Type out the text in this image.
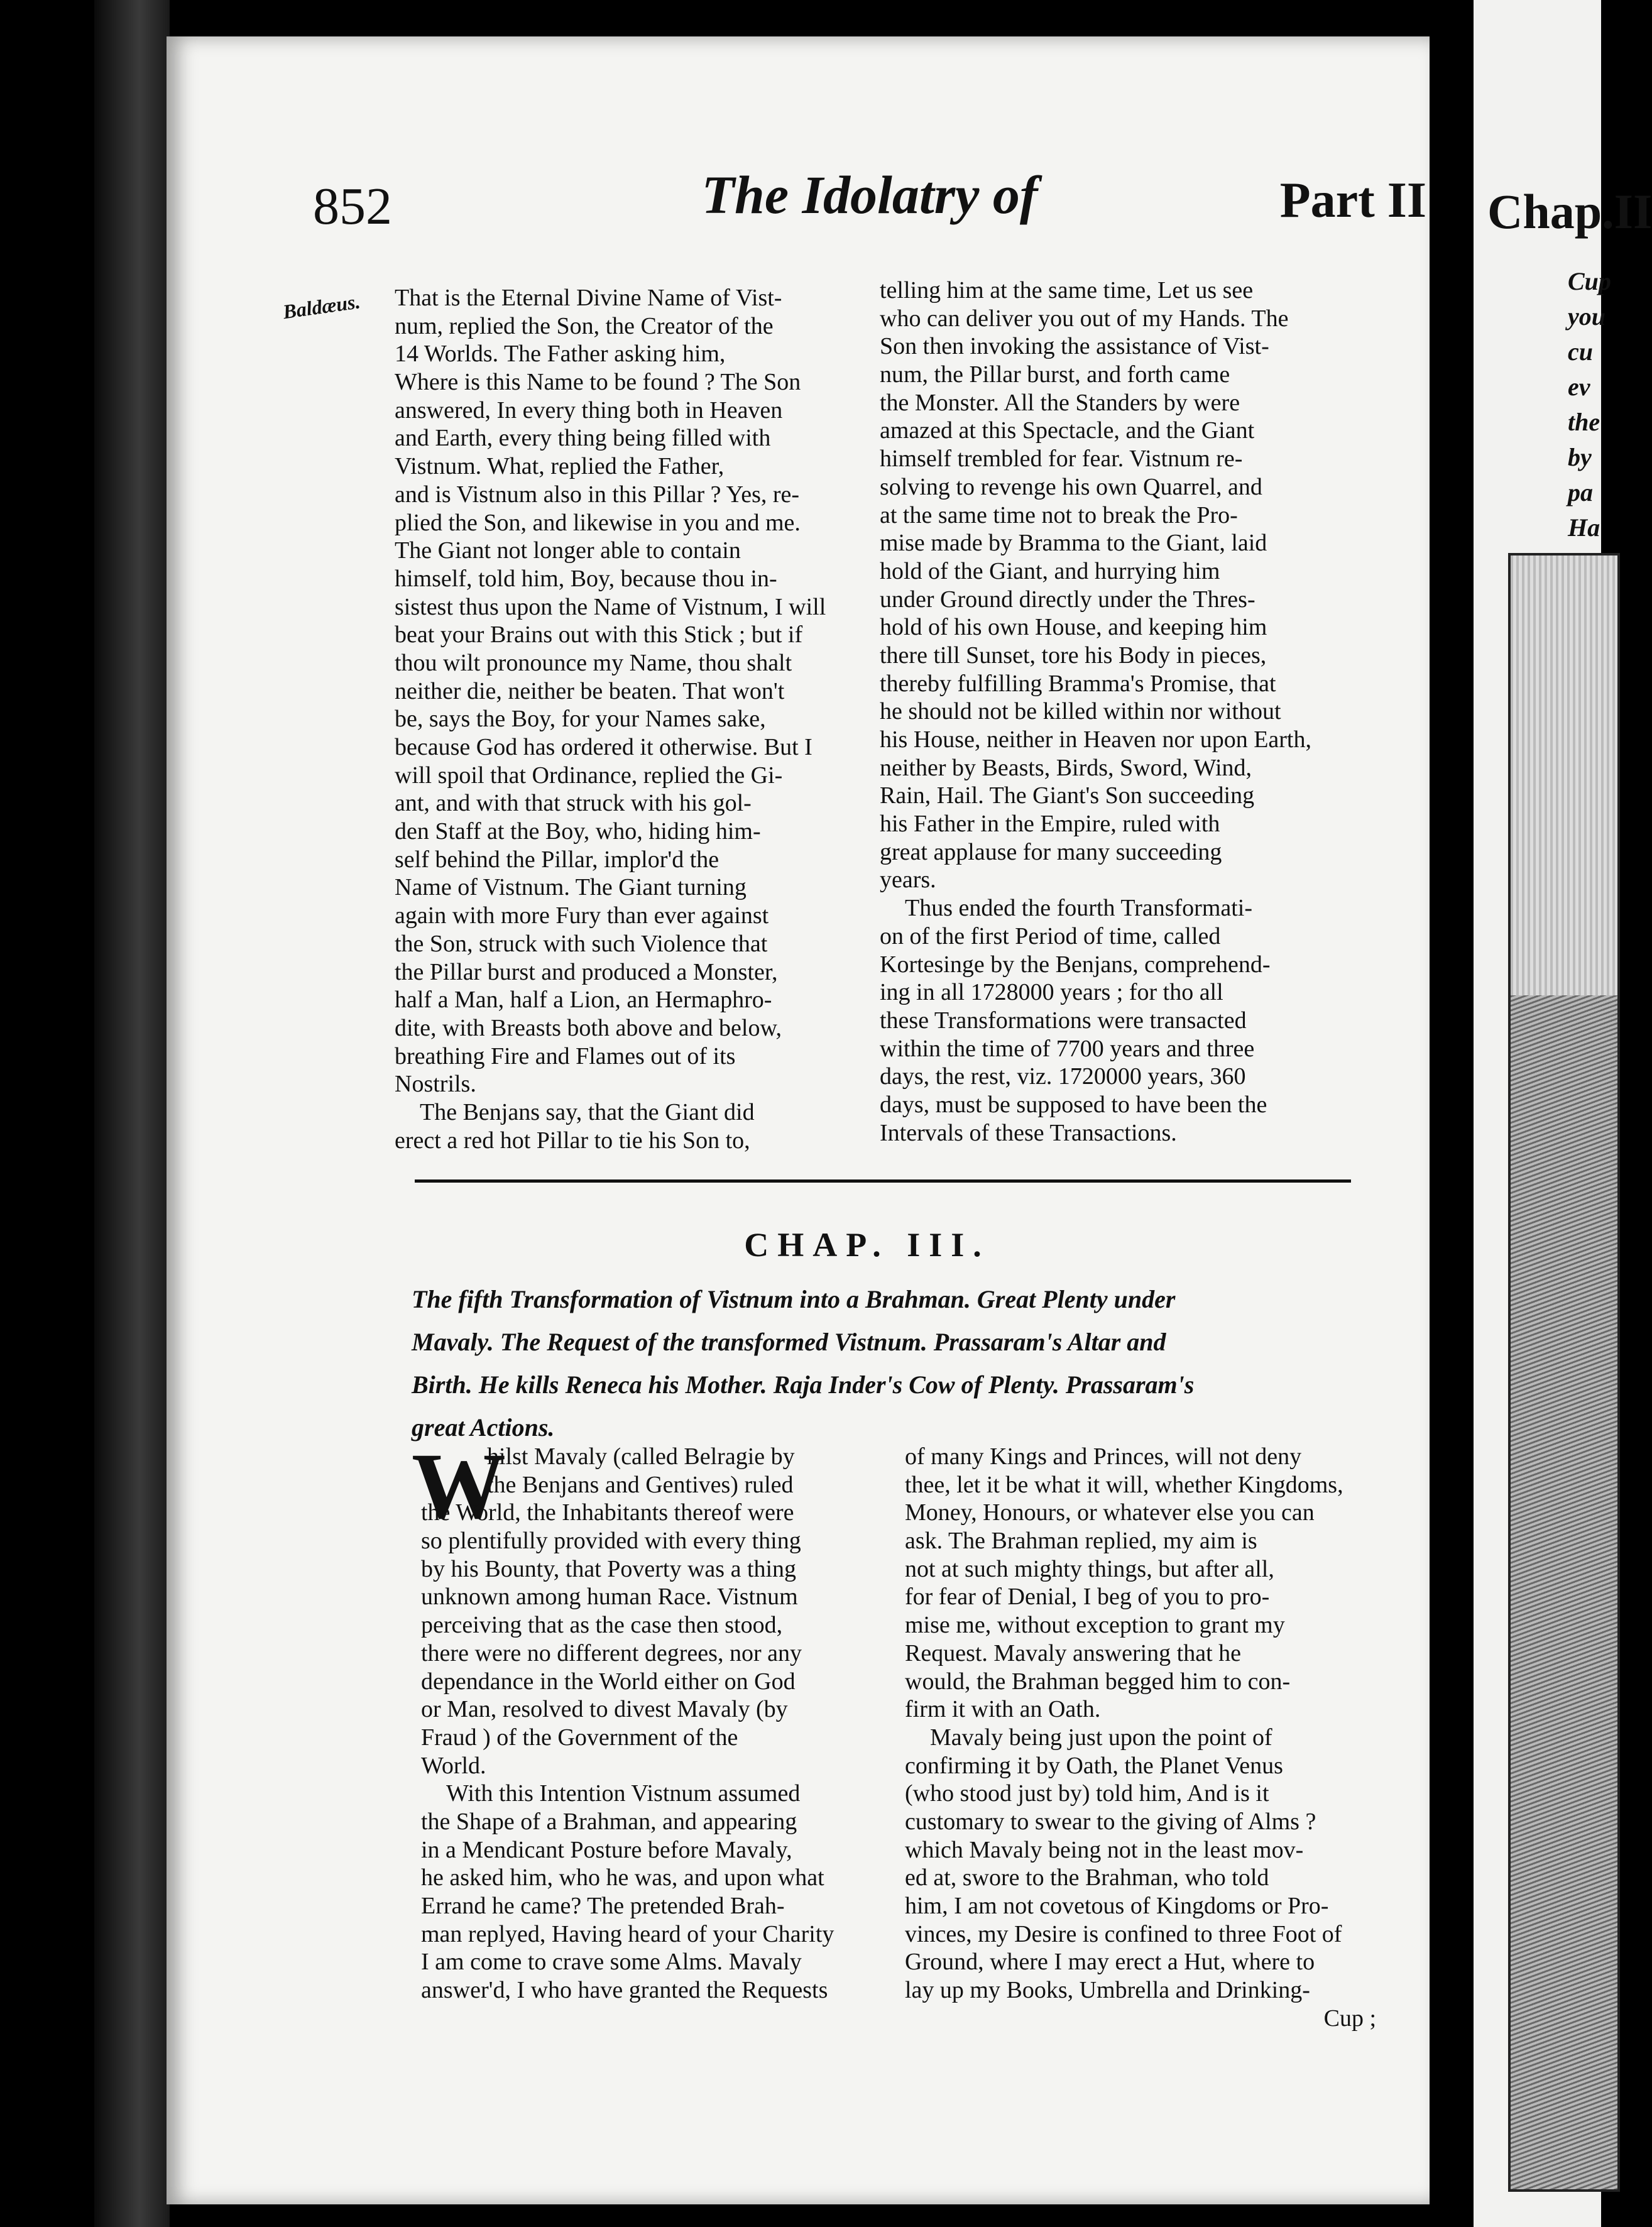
Chap.II
Cup
you
cu
ev
the
by
pa
Ha
852	The Idolatry of	Part II
Baldæus. That is the Eternal Divine Name of Vist-
num, replied the Son, the Creator of the
14 Worlds. The Father asking him,
Where is this Name to be found ? The Son
answered, In every thing both in Heaven
and Earth, every thing being filled with
Vistnum. What, replied the Father,
and is Vistnum also in this Pillar ? Yes, re-
plied the Son, and likewise in you and me.
The Giant not longer able to contain
himself, told him, Boy, because thou in-
sistest thus upon the Name of Vistnum, I will
beat your Brains out with this Stick ; but if
thou wilt pronounce my Name, thou shalt
neither die, neither be beaten. That won't
be, says the Boy, for your Names sake,
because God has ordered it otherwise. But I
will spoil that Ordinance, replied the Gi-
ant, and with that struck with his gol-
den Staff at the Boy, who, hiding him-
self behind the Pillar, implor'd the
Name of Vistnum. The Giant turning
again with more Fury than ever against
the Son, struck with such Violence that
the Pillar burst and produced a Monster,
half a Man, half a Lion, an Hermaphro-
dite, with Breasts both above and below,
breathing Fire and Flames out of its
Nostrils.
The Benjans say, that the Giant did
erect a red hot Pillar to tie his Son to,
telling him at the same time, Let us see
who can deliver you out of my Hands. The
Son then invoking the assistance of Vist-
num, the Pillar burst, and forth came
the Monster. All the Standers by were
amazed at this Spectacle, and the Giant
himself trembled for fear. Vistnum re-
solving to revenge his own Quarrel, and
at the same time not to break the Pro-
mise made by Bramma to the Giant, laid
hold of the Giant, and hurrying him
under Ground directly under the Thres-
hold of his own House, and keeping him
there till Sunset, tore his Body in pieces,
thereby fulfilling Bramma's Promise, that
he should not be killed within nor without
his House, neither in Heaven nor upon Earth,
neither by Beasts, Birds, Sword, Wind,
Rain, Hail. The Giant's Son succeeding
his Father in the Empire, ruled with
great applause for many succeeding
years.
Thus ended the fourth Transformati-
on of the first Period of time, called
Kortesinge by the Benjans, comprehend-
ing in all 1728000 years ; for tho all
these Transformations were transacted
within the time of 7700 years and three
days, the rest, viz. 1720000 years, 360
days, must be supposed to have been the
Intervals of these Transactions.
CHAP. III.
The fifth Transformation of Vistnum into a Brahman. Great Plenty under
Mavaly. The Request of the transformed Vistnum. Prassaram's Altar and
Birth. He kills Reneca his Mother. Raja Inder's Cow of Plenty. Prassaram's
great Actions.
W
hilst Mavaly (called Belragie by
the Benjans and Gentives) ruled
the World, the Inhabitants thereof were
so plentifully provided with every thing
by his Bounty, that Poverty was a thing
unknown among human Race. Vistnum
perceiving that as the case then stood,
there were no different degrees, nor any
dependance in the World either on God
or Man, resolved to divest Mavaly (by
Fraud ) of the Government of the
World.
With this Intention Vistnum assumed
the Shape of a Brahman, and appearing
in a Mendicant Posture before Mavaly,
he asked him, who he was, and upon what
Errand he came? The pretended Brah-
man replyed, Having heard of your Charity
I am come to crave some Alms. Mavaly
answer'd, I who have granted the Requests
of many Kings and Princes, will not deny
thee, let it be what it will, whether Kingdoms,
Money, Honours, or whatever else you can
ask. The Brahman replied, my aim is
not at such mighty things, but after all,
for fear of Denial, I beg of you to pro-
mise me, without exception to grant my
Request. Mavaly answering that he
would, the Brahman begged him to con-
firm it with an Oath.
Mavaly being just upon the point of
confirming it by Oath, the Planet Venus
(who stood just by) told him, And is it
customary to swear to the giving of Alms ?
which Mavaly being not in the least mov-
ed at, swore to the Brahman, who told
him, I am not covetous of Kingdoms or Pro-
vinces, my Desire is confined to three Foot of
Ground, where I may erect a Hut, where to
lay up my Books, Umbrella and Drinking-
Cup ;
